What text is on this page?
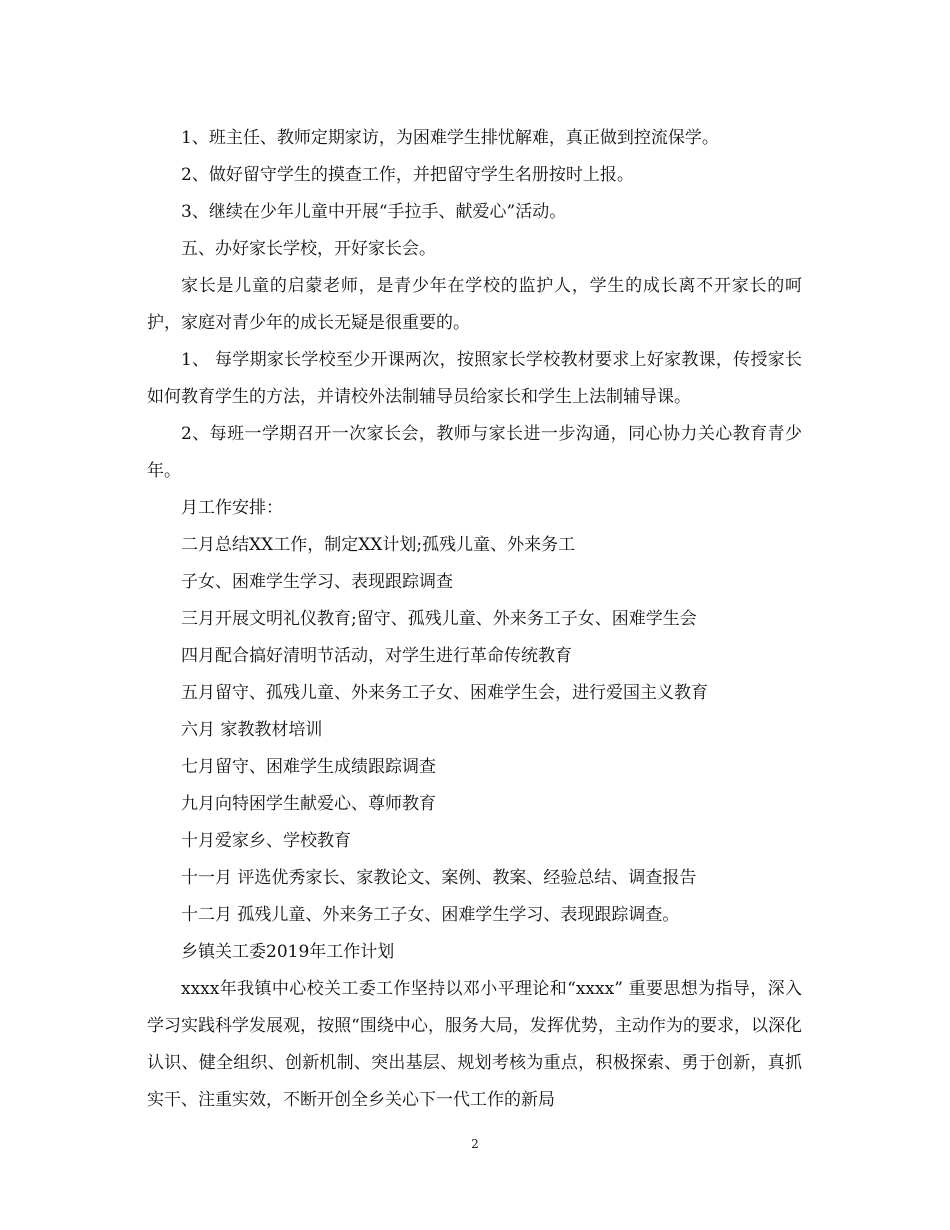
1、班主任、教师定期家访，为困难学生排忧解难，真正做到控流保学。

2、做好留守学生的摸查工作，并把留守学生名册按时上报。

3、继续在少年儿童中开展“手拉手、献爱心”活动。

五、办好家长学校，开好家长会。

家长是儿童的启蒙老师，是青少年在学校的监护人，学生的成长离不开家长的呵护，家庭对青少年的成长无疑是很重要的。

1、 每学期家长学校至少开课两次，按照家长学校教材要求上好家教课，传授家长如何教育学生的方法，并请校外法制辅导员给家长和学生上法制辅导课。

2、每班一学期召开一次家长会，教师与家长进一步沟通，同心协力关心教育青少年。

月工作安排：

二月总结XX工作，制定XX计划;孤残儿童、外来务工

子女、困难学生学习、表现跟踪调查

三月开展文明礼仪教育;留守、孤残儿童、外来务工子女、困难学生会

四月配合搞好清明节活动，对学生进行革命传统教育

五月留守、孤残儿童、外来务工子女、困难学生会，进行爱国主义教育

六月 家教教材培训

七月留守、困难学生成绩跟踪调查

九月向特困学生献爱心、尊师教育

十月爱家乡、学校教育

十一月 评选优秀家长、家教论文、案例、教案、经验总结、调查报告

十二月 孤残儿童、外来务工子女、困难学生学习、表现跟踪调查。

乡镇关工委2019年工作计划

xxxx年我镇中心校关工委工作坚持以邓小平理论和“xxxx” 重要思想为指导，深入学习实践科学发展观，按照“围绕中心，服务大局，发挥优势，主动作为的要求，以深化认识、健全组织、创新机制、突出基层、规划考核为重点，积极探索、勇于创新，真抓实干、注重实效，不断开创全乡关心下一代工作的新局

2
